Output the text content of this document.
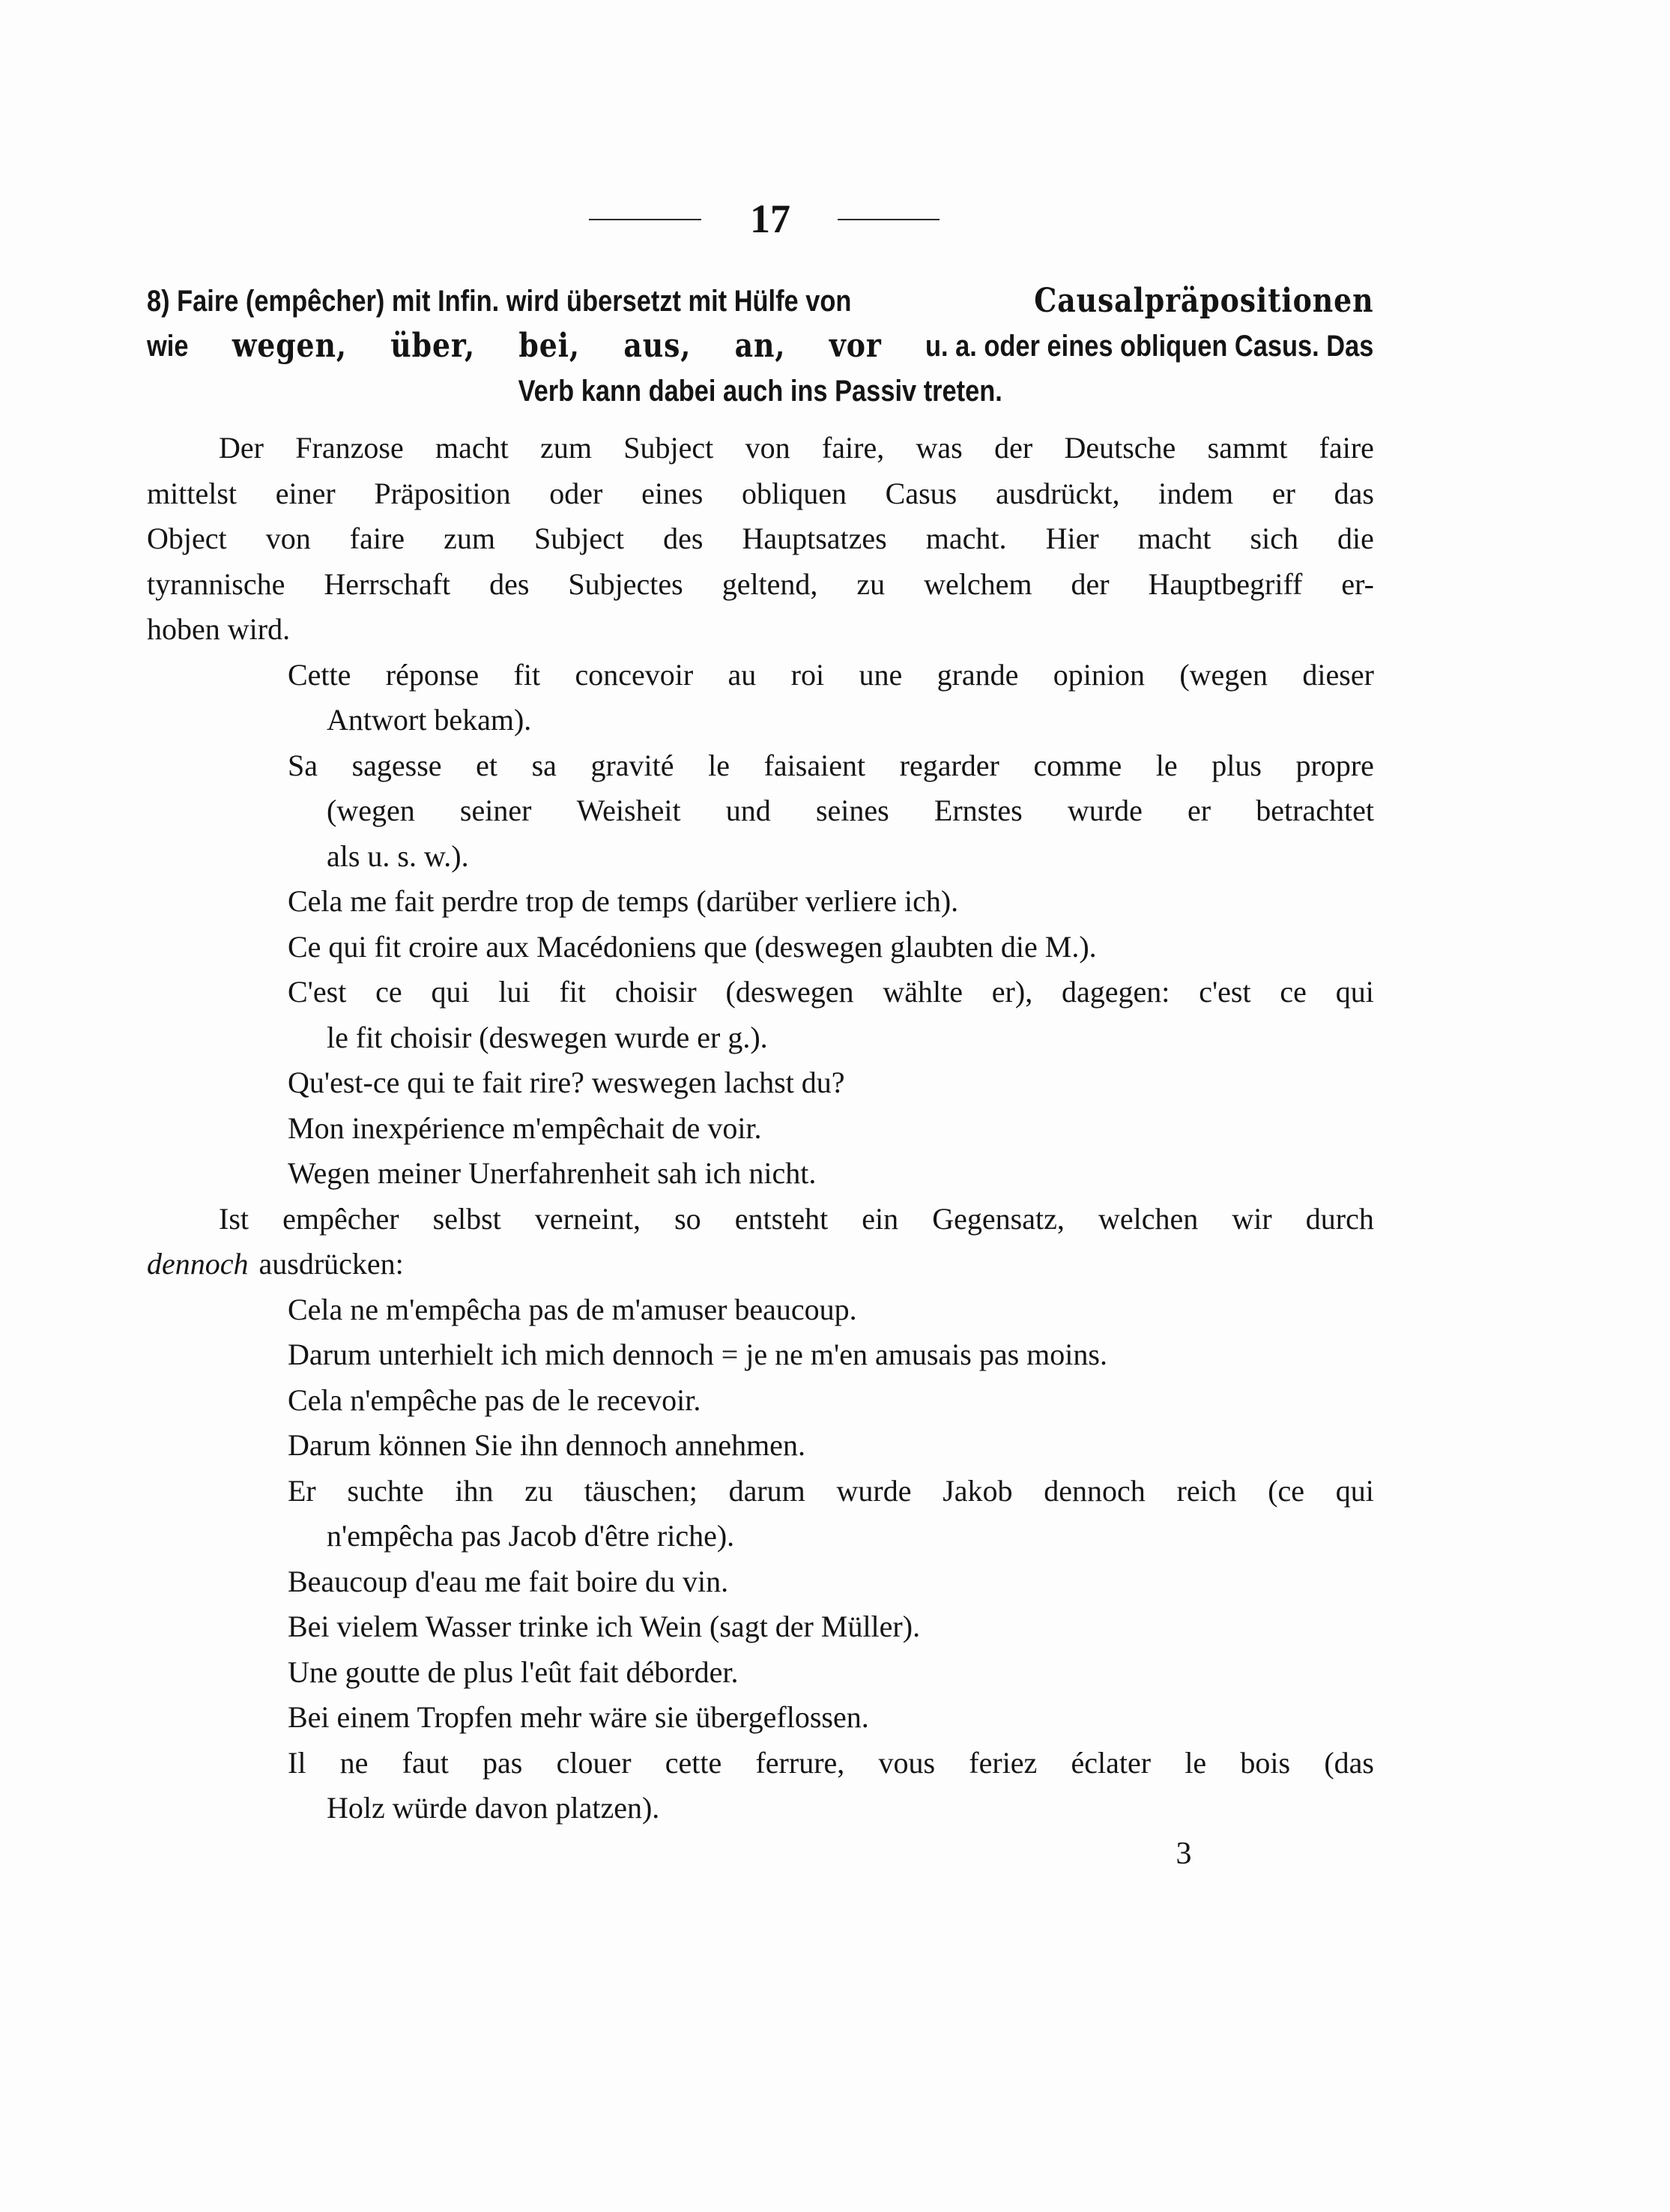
17
8) Faire (empêcher) mit Infin. wird übersetzt mit Hülfe von	Causalpräpositionen
wie wegen, über, bei, aus, an, vor u. a. oder eines obliquen Casus. Das
Verb kann dabei auch ins Passiv treten.
Der Franzose macht zum Subject von faire, was der Deutsche sammt faire
mittelst einer Präposition oder eines obliquen Casus ausdrückt, indem er das
Object von faire zum Subject des Hauptsatzes macht. Hier macht sich die
tyrannische Herrschaft des Subjectes geltend, zu welchem der Hauptbegriff er-
hoben wird.
Cette réponse fit concevoir au roi une grande opinion (wegen dieser
Antwort bekam).
Sa sagesse et sa gravité le faisaient regarder comme le plus propre
(wegen seiner Weisheit und seines Ernstes wurde er betrachtet
als u. s. w.).
Cela me fait perdre trop de temps (darüber verliere ich).
Ce qui fit croire aux Macédoniens que (deswegen glaubten die M.).
C'est ce qui lui fit choisir (deswegen wählte er), dagegen: c'est ce qui
le fit choisir (deswegen wurde er g.).
Qu'est-ce qui te fait rire? weswegen lachst du?
Mon inexpérience m'empêchait de voir.
Wegen meiner Unerfahrenheit sah ich nicht.
Ist empêcher selbst verneint, so entsteht ein Gegensatz, welchen wir durch
dennoch ausdrücken:
Cela ne m'empêcha pas de m'amuser beaucoup.
Darum unterhielt ich mich dennoch = je ne m'en amusais pas moins.
Cela n'empêche pas de le recevoir.
Darum können Sie ihn dennoch annehmen.
Er suchte ihn zu täuschen; darum wurde Jakob dennoch reich (ce qui
n'empêcha pas Jacob d'être riche).
Beaucoup d'eau me fait boire du vin.
Bei vielem Wasser trinke ich Wein (sagt der Müller).
Une goutte de plus l'eût fait déborder.
Bei einem Tropfen mehr wäre sie übergeflossen.
Il ne faut pas clouer cette ferrure, vous feriez éclater le bois (das
Holz würde davon platzen).
3
